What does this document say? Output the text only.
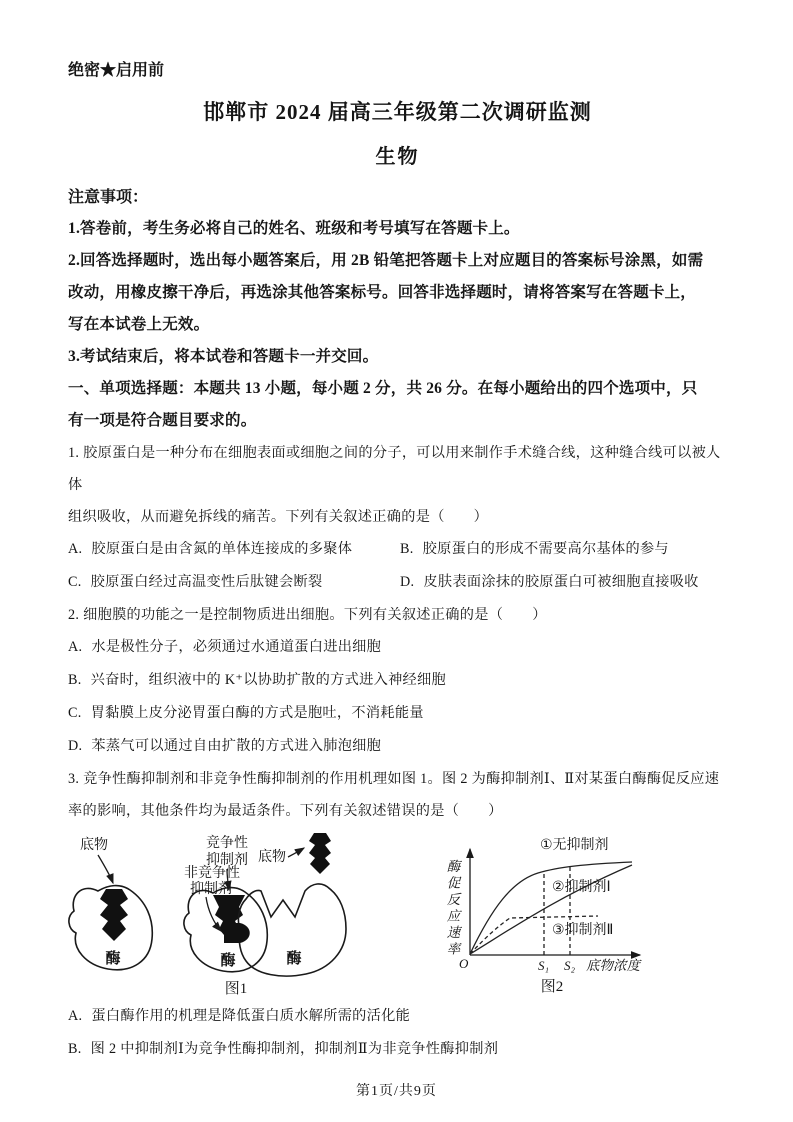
绝密★启用前
邯郸市 2024 届高三年级第二次调研监测
生物
注意事项：
1.答卷前，考生务必将自己的姓名、班级和考号填写在答题卡上。
2.回答选择题时，选出每小题答案后，用 2B 铅笔把答题卡上对应题目的答案标号涂黑，如需
改动，用橡皮擦干净后，再选涂其他答案标号。回答非选择题时，请将答案写在答题卡上，
写在本试卷上无效。
3.考试结束后，将本试卷和答题卡一并交回。
一、单项选择题：本题共 13 小题，每小题 2 分，共 26 分。在每小题给出的四个选项中，只
有一项是符合题目要求的。
1. 胶原蛋白是一种分布在细胞表面或细胞之间的分子，可以用来制作手术缝合线，这种缝合线可以被人体
组织吸收，从而避免拆线的痛苦。下列有关叙述正确的是（　　）
A. 胶原蛋白是由含氮的单体连接成的多聚体	B. 胶原蛋白的形成不需要高尔基体的参与
C. 胶原蛋白经过高温变性后肽键会断裂	D. 皮肤表面涂抹的胶原蛋白可被细胞直接吸收
2. 细胞膜的功能之一是控制物质进出细胞。下列有关叙述正确的是（　　）
A. 水是极性分子，必须通过水通道蛋白进出细胞
B. 兴奋时，组织液中的 K⁺以协助扩散的方式进入神经细胞
C. 胃黏膜上皮分泌胃蛋白酶的方式是胞吐，不消耗能量
D. 苯蒸气可以通过自由扩散的方式进入肺泡细胞
3. 竞争性酶抑制剂和非竞争性酶抑制剂的作用机理如图 1。图 2 为酶抑制剂Ⅰ、Ⅱ对某蛋白酶酶促反应速
率的影响，其他条件均为最适条件。下列有关叙述错误的是（　　）
底物
酶
竞争性
抑制剂
酶
非竞争性
抑制剂
底物
酶
图1
酶促反应速率
①无抑制剂
②抑制剂Ⅰ
③抑制剂Ⅱ
O	S₁ S₂ 底物浓度
图2
A. 蛋白酶作用的机理是降低蛋白质水解所需的活化能
B. 图 2 中抑制剂Ⅰ为竞争性酶抑制剂，抑制剂Ⅱ为非竞争性酶抑制剂
第1页/共9页
